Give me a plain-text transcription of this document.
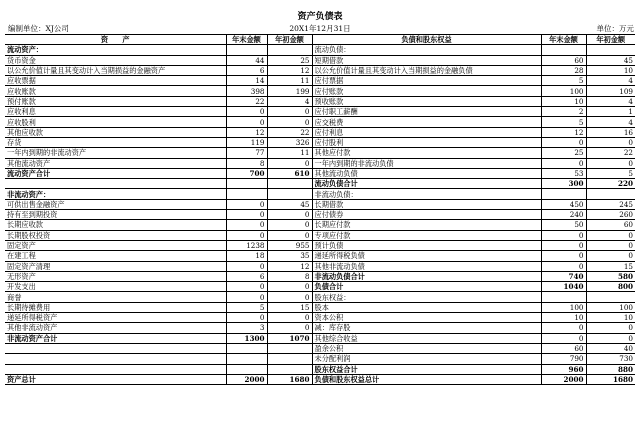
资产负债表
编制单位：XJ公司	20X1年12月31日	单位：万元
资　　产	年末金额	年初金额	负债和股东权益	年末金额	年初金额
流动资产：			流动负债：		
货币资金	44	25	短期借款	60	45
以公允价值计量且其变动计入当期损益的金融资产	6	12	以公允价值计量且其变动计入当期损益的金融负债	28	10
应收票据	14	11	应付票据	5	4
应收账款	398	199	应付账款	100	109
预付账款	22	4	预收账款	10	4
应收利息	0	0	应付职工薪酬	2	1
应收股利	0	0	应交税费	5	4
其他应收款	12	22	应付利息	12	16
存货	119	326	应付股利	0	0
一年内到期的非流动资产	77	11	其他应付款	25	22
其他流动资产	8	0	一年内到期的非流动负债	0	0
流动资产合计	700	610	其他流动负债	53	5
			流动负债合计	300	220
非流动资产：			非流动负债：		
可供出售金融资产	0	45	长期借款	450	245
持有至到期投资	0	0	应付债券	240	260
长期应收款	0	0	长期应付款	50	60
长期股权投资	0	0	专项应付款	0	0
固定资产	1238	955	预计负债	0	0
在建工程	18	35	递延所得税负债	0	0
固定资产清理	0	12	其他非流动负债	0	15
无形资产	6	8	非流动负债合计	740	580
开发支出	0	0	负债合计	1040	800
商誉	0	0	股东权益：		
长期待摊费用	5	15	股本	100	100
递延所得税资产	0	0	资本公积	10	10
其他非流动资产	3	0	减：库存股	0	0
非流动资产合计	1300	1070	其他综合收益	0	0
			盈余公积	60	40
			未分配利润	790	730
			股东权益合计	960	880
资产总计	2000	1680	负债和股东权益总计	2000	1680
